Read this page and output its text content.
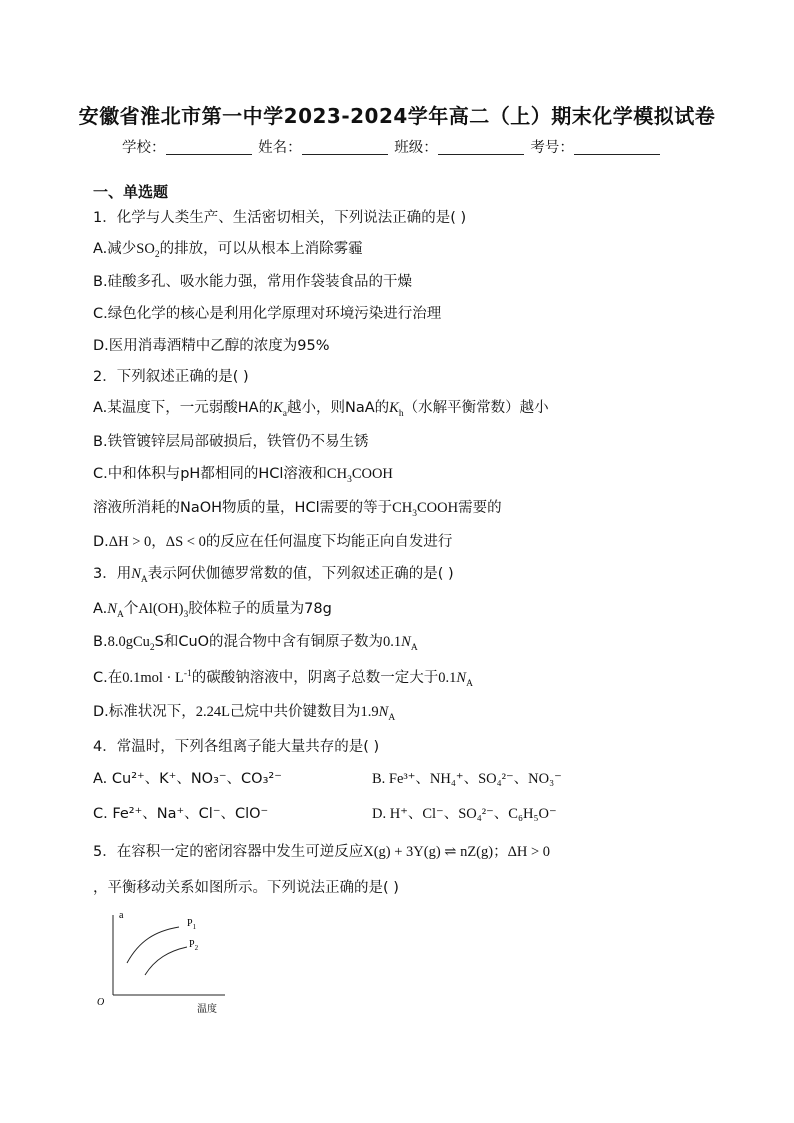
安徽省淮北市第一中学2023-2024学年高二（上）期末化学模拟试卷
学校：	姓名：	班级：	考号：
一、单选题
1．化学与人类生产、生活密切相关，下列说法正确的是( )
A.减少$SO_2$的排放，可以从根本上消除雾霾
B.硅酸多孔、吸水能力强，常用作袋装食品的干燥
C.绿色化学的核心是利用化学原理对环境污染进行治理
D.医用消毒酒精中乙醇的浓度为95%
2．下列叙述正确的是( )
A.某温度下，一元弱酸HA的$K_a$越小，则NaA的$K_h$（水解平衡常数）越小
B.铁管镀锌层局部破损后，铁管仍不易生锈
C.中和体积与pH都相同的HCl溶液和$CH_3COOH$
溶液所消耗的NaOH物质的量，HCl需要的等于$CH_3COOH$需要的
D.ΔH > 0，ΔS < 0的反应在任何温度下均能正向自发进行
3．用$N_A$表示阿伏伽德罗常数的值，下列叙述正确的是( )
$A.N_A$个$Al(OH)_3$胶体粒子的质量为78g
B.8.0gCu$_2$S和CuO的混合物中含有铜原子数为$0.1N_A$
C.在$0.1mol \cdot L^{-1}$的碳酸钠溶液中，阴离子总数一定大于$0.1N_A$
D.标准状况下，2.24L己烷中共价键数目为$1.9N_A$
4．常温时，下列各组离子能大量共存的是( )
A. Cu²⁺、K⁺、NO₃⁻、CO₃²⁻	B. Fe³⁺、NH₄⁺、SO₄²⁻、NO₃⁻
C. Fe²⁺、Na⁺、Cl⁻、ClO⁻	D. H⁺、Cl⁻、SO₄²⁻、C₆H₅O⁻
5．在容积一定的密闭容器中发生可逆反应X(g) + 3Y(g) ⇌ nZ(g)；ΔH > 0
，平衡移动关系如图所示。下列说法正确的是( )
a
O
温度
$P_1$
$P_2$
